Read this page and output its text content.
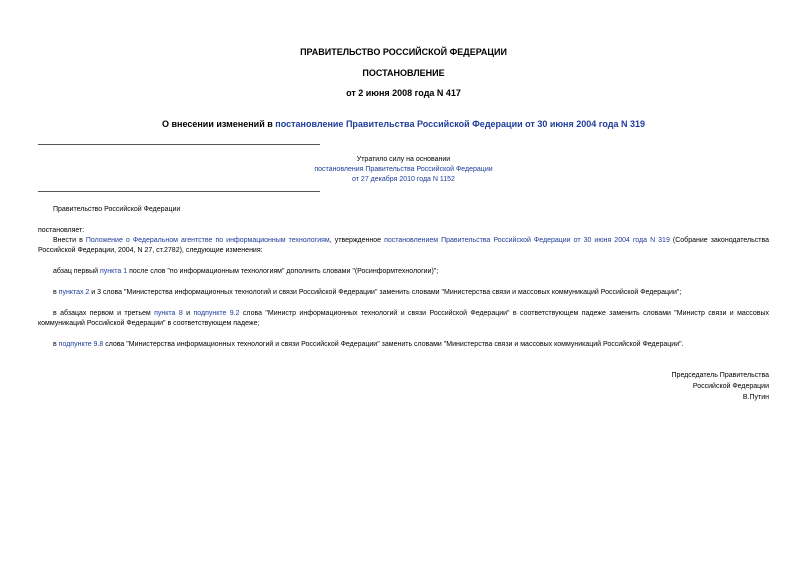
ПРАВИТЕЛЬСТВО РОССИЙСКОЙ ФЕДЕРАЦИИ
ПОСТАНОВЛЕНИЕ
от 2 июня 2008 года N 417
О внесении изменений в постановление Правительства Российской Федерации от 30 июня 2004 года N 319
Утратило силу на основании
постановления Правительства Российской Федерации
от 27 декабря 2010 года N 1152
Правительство Российской Федерации
постановляет:
Внести в Положение о Федеральном агентстве по информационным технологиям, утвержденное постановлением Правительства Российской Федерации от 30 июня 2004 года N 319 (Собрание законодательства Российской Федерации, 2004, N 27, ст.2782), следующие изменения:
абзац первый пункта 1 после слов "по информационным технологиям" дополнить словами "(Росинформтехнологии)";
в пунктах 2 и 3 слова "Министерства информационных технологий и связи Российской Федерации" заменить словами "Министерства связи и массовых коммуникаций Российской Федерации";
в абзацах первом и третьем пункта 8 и подпункте 9.2 слова "Министр информационных технологий и связи Российской Федерации" в соответствующем падеже заменить словами "Министр связи и массовых коммуникаций Российской Федерации" в соответствующем падеже;
в подпункте 9.8 слова "Министерства информационных технологий и связи Российской Федерации" заменить словами "Министерства связи и массовых коммуникаций Российской Федерации".
Председатель Правительства
Российской Федерации
В.Путин
